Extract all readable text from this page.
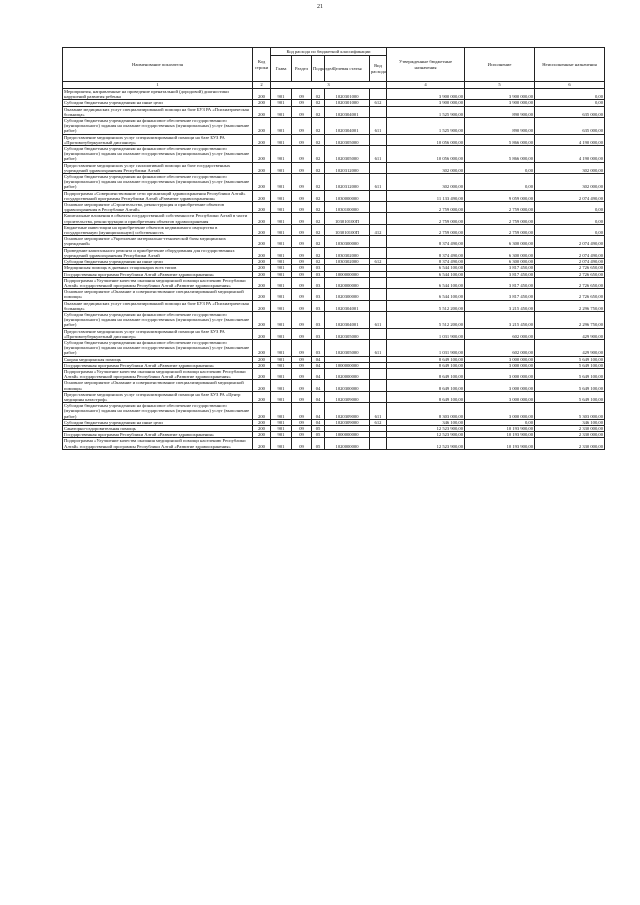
21
Наименование показателя	Код строки	Код расхода по бюджетной классификации					Утвержденные бюджетные назначения	Исполнение	Неисполненные назначения
		Глава	Раздел	Подраздел	Целевая статья	Вид расхода			
1	2	3					4	5	6
Мероприятия, направленные на проведение пренатальной (дородовой) диагностики нарушений развития ребенка	200	901	09	02	1020301000		3 900 000,00	3 900 000,00	0,00
Субсидии бюджетным учреждениям на иные цели	200	901	09	02	1020301000	612	3 900 000,00	3 900 000,00	0,00
Оказание медицинских услуг специализированной помощи на базе БУЗ РА «Психиатрическая больница»	200	901	09	02	1020304001		1 525 900,00	890 900,00	635 000,00
Субсидии бюджетным учреждениям на финансовое обеспечение государственного (муниципального) задания на оказание государственных (муниципальных) услуг (выполнение работ)	200	901	09	02	1020304001	611	1 525 900,00	890 900,00	635 000,00
Предоставление медицинских услуг специализированной помощи на базе БУЗ РА «Противотуберкулезный диспансер»	200	901	09	02	1020305000		10 056 000,00	5 866 000,00	4 190 000,00
Субсидии бюджетным учреждениям на финансовое обеспечение государственного (муниципального) задания на оказание государственных (муниципальных) услуг (выполнение работ)	200	901	09	02	1020305000	611	10 056 000,00	5 866 000,00	4 190 000,00
Предоставление медицинских услуг паллиативной помощи на базе государственных учреждений здравоохранения Республики Алтай	200	901	09	02	1020312000		302 000,00	0,00	302 000,00
Субсидии бюджетным учреждениям на финансовое обеспечение государственного (муниципального) задания на оказание государственных (муниципальных) услуг (выполнение работ)	200	901	09	02	1020312000	611	302 000,00	0,00	302 000,00
Подпрограмма «Совершенствование сети организаций здравоохранения Республики Алтай» государственной программы Республики Алтай «Развитие здравоохранения»	200	901	09	02	1030000000		11 133 490,00	9 059 000,00	2 074 490,00
Основное мероприятие «Строительство, реконструкция и приобретение объектов здравоохранения в Республике Алтай»	200	901	09	02	1030100000		2 759 000,00	2 759 000,00	0,00
Капитальные вложения в объекты государственной собственности Республики Алтай в части строительства, реконструкции и приобретения объектов здравоохранения	200	901	09	02	103010100П		2 759 000,00	2 759 000,00	0,00
Бюджетные инвестиции на приобретение объектов недвижимого имущества в государственную (муниципальную) собственность	200	901	09	02	103010100П	412	2 759 000,00	2 759 000,00	0,00
Основное мероприятие «Укрепление материально-технической базы медицинских учреждений»	200	901	09	02	1030300000		8 374 490,00	6 300 000,00	2 074 490,00
Проведение капитального ремонта и приобретение оборудования для государственных учреждений здравоохранения Республики Алтай	200	901	09	02	1030302000		8 374 490,00	6 300 000,00	2 074 490,00
Субсидии бюджетным учреждениям на иные цели	200	901	09	02	1030302000	612	8 374 490,00	6 300 000,00	2 074 490,00
Медицинская помощь в дневных стационарах всех типов	200	901	09	03			6 544 100,00	3 817 450,00	2 726 650,00
Государственная программа Республики Алтай «Развитие здравоохранения»	200	901	09	03	1000000000		6 544 100,00	3 817 450,00	2 726 650,00
Подпрограмма «Улучшение качества оказания медицинской помощи населению Республики Алтай» государственной программы Республики Алтай «Развитие здравоохранения»	200	901	09	03	1020000000		6 544 100,00	3 817 450,00	2 726 650,00
Основное мероприятие «Оказание и совершенствование специализированной медицинской помощи»	200	901	09	03	1020300000		6 544 100,00	3 817 450,00	2 726 650,00
Оказание медицинских услуг специализированной помощи на базе БУЗ РА «Психиатрическая больница»	200	901	09	03	1020304001		5 512 200,00	3 215 450,00	2 296 750,00
Субсидии бюджетным учреждениям на финансовое обеспечение государственного (муниципального) задания на оказание государственных (муниципальных) услуг (выполнение работ)	200	901	09	03	1020304001	611	5 512 200,00	3 215 450,00	2 296 750,00
Предоставление медицинских услуг специализированной помощи на базе БУЗ РА «Противотуберкулезный диспансер»	200	901	09	03	1020305000		1 031 900,00	602 000,00	429 900,00
Субсидии бюджетным учреждениям на финансовое обеспечение государственного (муниципального) задания на оказание государственных (муниципальных) услуг (выполнение работ)	200	901	09	03	1020305000	611	1 031 900,00	602 000,00	429 900,00
Скорая медицинская помощь	200	901	09	04			8 649 100,00	3 000 000,00	5 649 100,00
Государственная программа Республики Алтай «Развитие здравоохранения»	200	901	09	04	1000000000		8 649 100,00	3 000 000,00	5 649 100,00
Подпрограмма «Улучшение качества оказания медицинской помощи населению Республики Алтай» государственной программы Республики Алтай «Развитие здравоохранения»	200	901	09	04	1020000000		8 649 100,00	3 000 000,00	5 649 100,00
Основное мероприятие «Оказание и совершенствование специализированной медицинской помощи»	200	901	09	04	1020300000		8 649 100,00	3 000 000,00	5 649 100,00
Предоставление медицинских услуг специализированной помощи на базе БУЗ РА «Центр медицины катастроф»	200	901	09	04	1020309000		8 649 100,00	3 000 000,00	5 649 100,00
Субсидии бюджетным учреждениям на финансовое обеспечение государственного (муниципального) задания на оказание государственных (муниципальных) услуг (выполнение работ)	200	901	09	04	1020309000	611	8 303 000,00	3 000 000,00	5 303 000,00
Субсидии бюджетным учреждениям на иные цели	200	901	09	04	1020309000	612	346 100,00	0,00	346 100,00
Санаторно-оздоровительная помощь	200	901	09	05			12 523 900,00	10 193 900,00	2 330 000,00
Государственная программа Республики Алтай «Развитие здравоохранения»	200	901	09	05	1000000000		12 523 900,00	10 193 900,00	2 330 000,00
Подпрограмма «Улучшение качества оказания медицинской помощи населению Республики Алтай» государственной программы Республики Алтай «Развитие здравоохранения»	200	901	09	05	1020000000		12 523 900,00	10 193 900,00	2 330 000,00
